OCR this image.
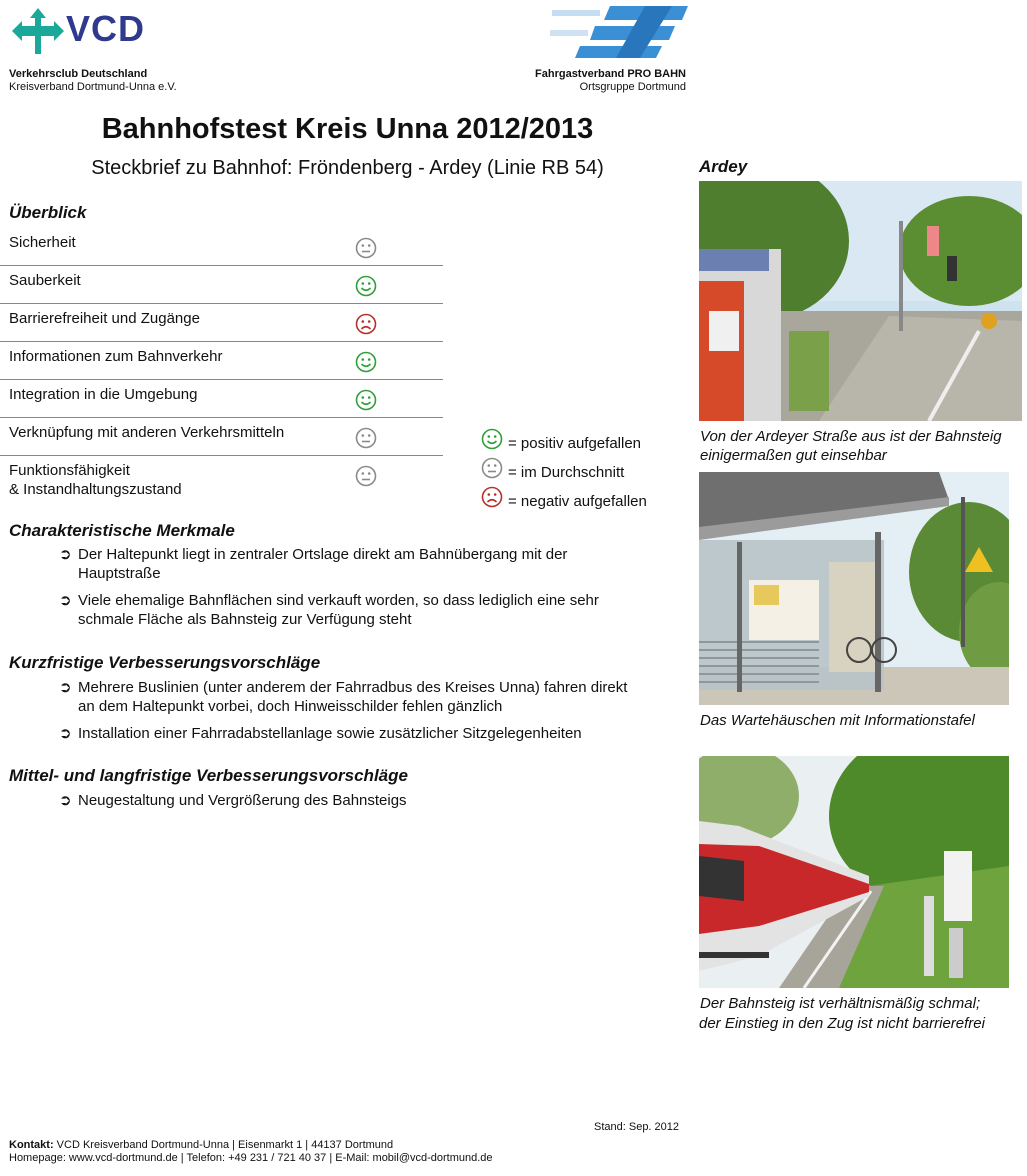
VCD
Verkehrsclub Deutschland
Kreisverband Dortmund-Unna e.V.
Fahrgastverband PRO BAHN
Ortsgruppe Dortmund
Bahnhofstest Kreis Unna 2012/2013
Steckbrief zu Bahnhof: Fröndenberg - Ardey (Linie RB 54)
Überblick
Sicherheit
Sauberkeit
Barrierefreiheit und Zugänge
Informationen zum Bahnverkehr
Integration in die Umgebung
Verknüpfung mit anderen Verkehrsmitteln
Funktionsfähigkeit
& Instandhaltungszustand
= positiv aufgefallen
= im Durchschnitt
= negativ aufgefallen
Charakteristische Merkmale
➲ Der Haltepunkt liegt in zentraler Ortslage direkt am Bahnübergang mit der
Hauptstraße
➲ Viele ehemalige Bahnflächen sind verkauft worden, so dass lediglich eine sehr
schmale Fläche als Bahnsteig zur Verfügung steht
Kurzfristige Verbesserungsvorschläge
➲ Mehrere Buslinien (unter anderem der Fahrradbus des Kreises Unna) fahren direkt
an dem Haltepunkt vorbei, doch Hinweisschilder fehlen gänzlich
➲ Installation einer Fahrradabstellanlage sowie zusätzlicher Sitzgelegenheiten
Mittel- und langfristige Verbesserungsvorschläge
➲ Neugestaltung und Vergrößerung des Bahnsteigs
Ardey
Von der Ardeyer Straße aus ist der Bahnsteig
einigermaßen gut einsehbar
Das Wartehäuschen mit Informationstafel
Der Bahnsteig ist verhältnismäßig schmal;
der Einstieg in den Zug ist nicht barrierefrei
Stand: Sep. 2012
Kontakt: VCD Kreisverband Dortmund-Unna | Eisenmarkt 1 | 44137 Dortmund
Homepage: www.vcd-dortmund.de | Telefon: +49 231 / 721 40 37 | E-Mail: mobil@vcd-dortmund.de
